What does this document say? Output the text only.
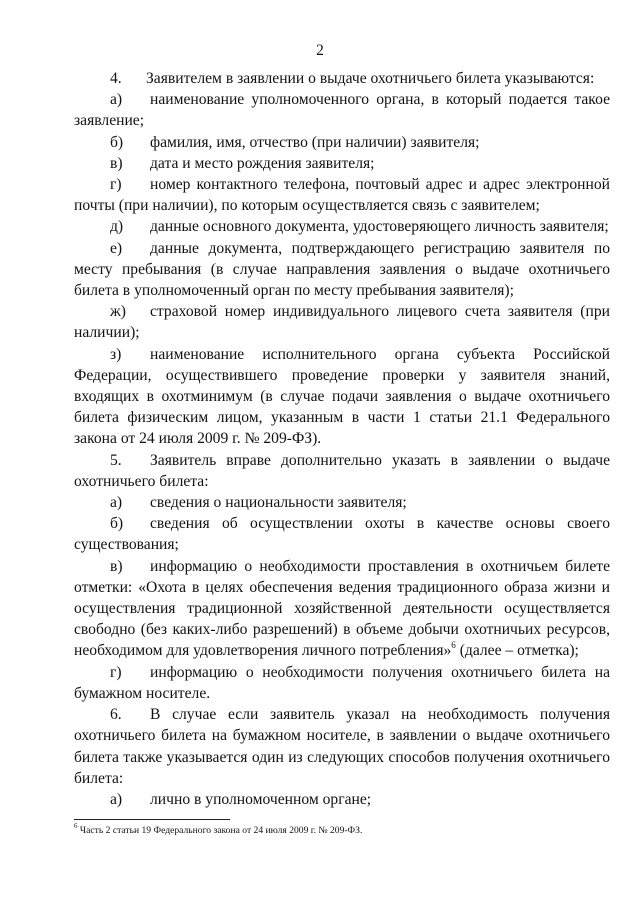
2

4. Заявителем в заявлении о выдаче охотничьего билета указываются:

а) наименование уполномоченного органа, в который подается такое заявление;

б) фамилия, имя, отчество (при наличии) заявителя;

в) дата и место рождения заявителя;

г) номер контактного телефона, почтовый адрес и адрес электронной почты (при наличии), по которым осуществляется связь с заявителем;

д) данные основного документа, удостоверяющего личность заявителя;

е) данные документа, подтверждающего регистрацию заявителя по месту пребывания (в случае направления заявления о выдаче охотничьего билета в уполномоченный орган по месту пребывания заявителя);

ж) страховой номер индивидуального лицевого счета заявителя (при наличии);

з) наименование исполнительного органа субъекта Российской Федерации, осуществившего проведение проверки у заявителя знаний, входящих в охотминимум (в случае подачи заявления о выдаче охотничьего билета физическим лицом, указанным в части 1 статьи 21.1 Федерального закона от 24 июля 2009 г. № 209-ФЗ).

5. Заявитель вправе дополнительно указать в заявлении о выдаче охотничьего билета:

а) сведения о национальности заявителя;

б) сведения об осуществлении охоты в качестве основы своего существования;

в) информацию о необходимости проставления в охотничьем билете отметки: «Охота в целях обеспечения ведения традиционного образа жизни и осуществления традиционной хозяйственной деятельности осуществляется свободно (без каких-либо разрешений) в объеме добычи охотничьих ресурсов, необходимом для удовлетворения личного потребления»$^6$ (далее – отметка);

г) информацию о необходимости получения охотничьего билета на бумажном носителе.

6. В случае если заявитель указал на необходимость получения охотничьего билета на бумажном носителе, в заявлении о выдаче охотничьего билета также указывается один из следующих способов получения охотничьего билета:

а) лично в уполномоченном органе;

$^6$ Часть 2 статьи 19 Федерального закона от 24 июля 2009 г. № 209-ФЗ.
